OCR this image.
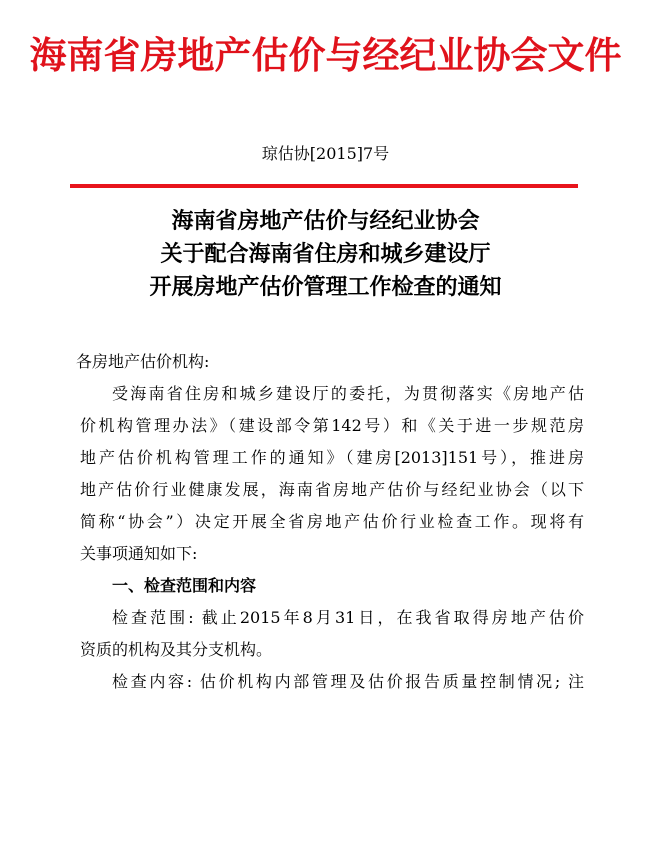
海南省房地产估价与经纪业协会文件
琼估协[2015]7号
海南省房地产估价与经纪业协会
关于配合海南省住房和城乡建设厅
开展房地产估价管理工作检查的通知
各房地产估价机构:
受海南省住房和城乡建设厅的委托，为贯彻落实《房地产估
价机构管理办法》（建设部令第142号）和《关于进一步规范房
地产估价机构管理工作的通知》（建房[2013]151号），推进房
地产估价行业健康发展，海南省房地产估价与经纪业协会（以下
简称“协会”）决定开展全省房地产估价行业检查工作。现将有
关事项通知如下:
一、检查范围和内容
检查范围: 截止2015年8月31日，在我省取得房地产估价
资质的机构及其分支机构。
检查内容: 估价机构内部管理及估价报告质量控制情况; 注
